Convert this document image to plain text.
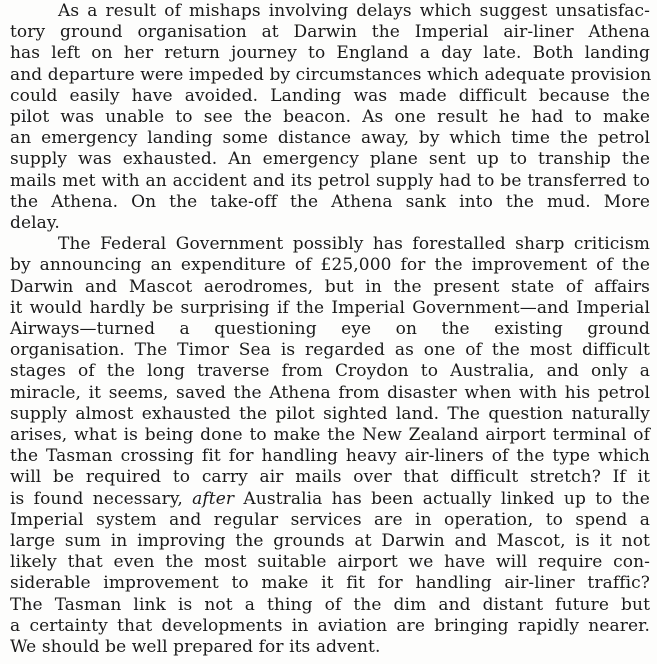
As a result of mishaps involving delays which suggest unsatisfac-
tory ground organisation at Darwin the Imperial air-liner Athena
has left on her return journey to England a day late. Both landing
and departure were impeded by circumstances which adequate provision
could easily have avoided. Landing was made difficult because the
pilot was unable to see the beacon. As one result he had to make
an emergency landing some distance away, by which time the petrol
supply was exhausted. An emergency plane sent up to tranship the
mails met with an accident and its petrol supply had to be transferred to
the Athena. On the take-off the Athena sank into the mud. More
delay.
The Federal Government possibly has forestalled sharp criticism
by announcing an expenditure of £25,000 for the improvement of the
Darwin and Mascot aerodromes, but in the present state of affairs
it would hardly be surprising if the Imperial Government—and Imperial
Airways—turned a questioning eye on the existing ground
organisation. The Timor Sea is regarded as one of the most difficult
stages of the long traverse from Croydon to Australia, and only a
miracle, it seems, saved the Athena from disaster when with his petrol
supply almost exhausted the pilot sighted land. The question naturally
arises, what is being done to make the New Zealand airport terminal of
the Tasman crossing fit for handling heavy air-liners of the type which
will be required to carry air mails over that difficult stretch? If it
is found necessary, after Australia has been actually linked up to the
Imperial system and regular services are in operation, to spend a
large sum in improving the grounds at Darwin and Mascot, is it not
likely that even the most suitable airport we have will require con-
siderable improvement to make it fit for handling air-liner traffic?
The Tasman link is not a thing of the dim and distant future but
a certainty that developments in aviation are bringing rapidly nearer.
We should be well prepared for its advent.
